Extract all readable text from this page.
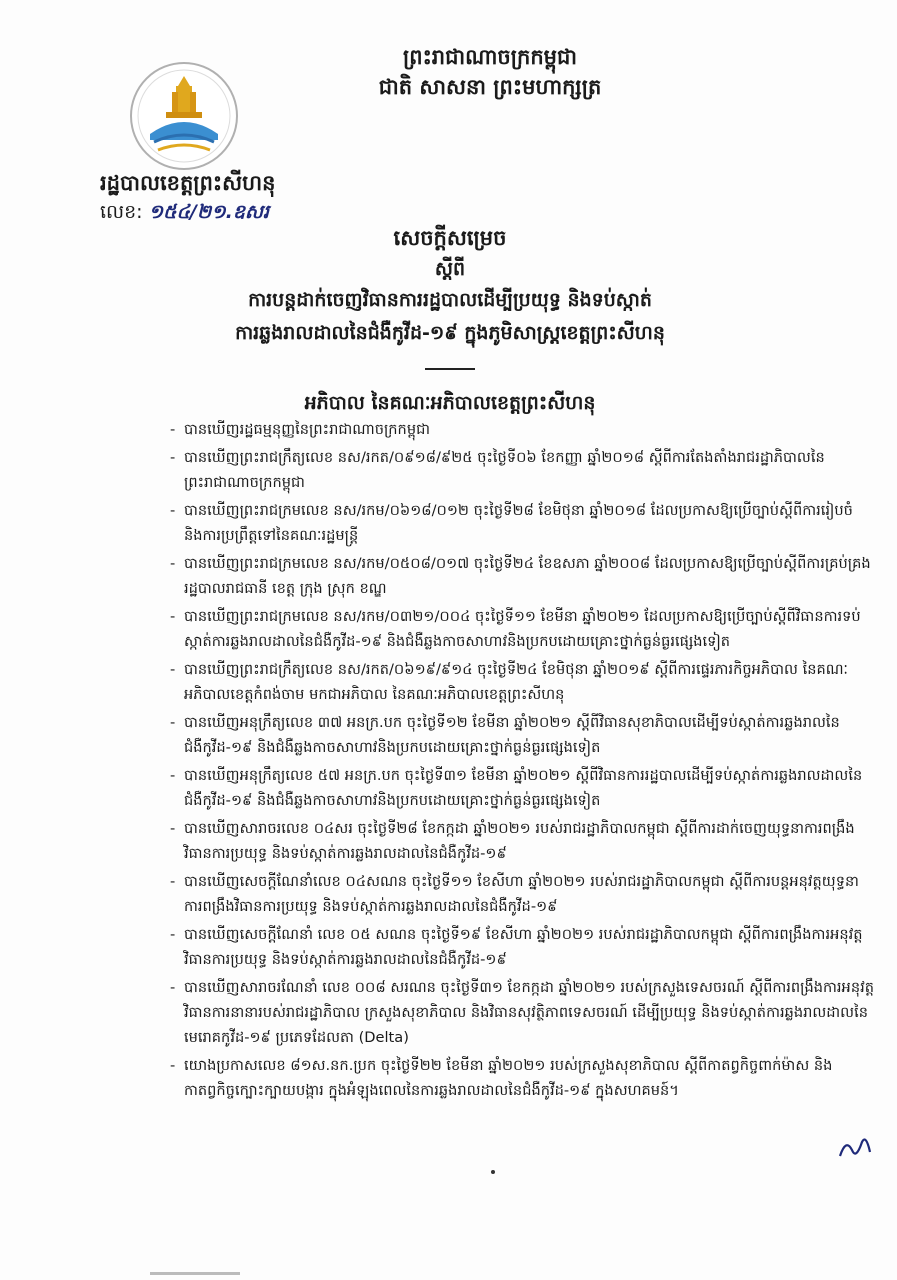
ព្រះរាជាណាចក្រកម្ពុជា
ជាតិ សាសនា ព្រះមហាក្សត្រ
រដ្ឋបាលខេត្តព្រះសីហនុ
លេខ: ១៥៤/២១.ឧសរ
សេចក្តីសម្រេច
ស្តីពី
ការបន្តដាក់ចេញវិធានការរដ្ឋបាលដើម្បីប្រយុទ្ធ និងទប់ស្កាត់
ការឆ្លងរាលដាលនៃជំងឺកូវីដ-១៩ ក្នុងភូមិសាស្ត្រខេត្តព្រះសីហនុ
អភិបាល នៃគណៈអភិបាលខេត្តព្រះសីហនុ
- បានឃើញរដ្ឋធម្មនុញ្ញនៃព្រះរាជាណាចក្រកម្ពុជា
- បានឃើញព្រះរាជក្រឹត្យលេខ នស/រកត/០៩១៨/៩២៥ ចុះថ្ងៃទី០៦ ខែកញ្ញា ឆ្នាំ២០១៨ ស្តីពីការតែងតាំងរាជរដ្ឋាភិបាលនៃព្រះរាជាណាចក្រកម្ពុជា
- បានឃើញព្រះរាជក្រមលេខ នស/រកម/០៦១៨/០១២ ចុះថ្ងៃទី២៨ ខែមិថុនា ឆ្នាំ២០១៨ ដែលប្រកាសឱ្យប្រើច្បាប់ស្តីពីការរៀបចំ និងការប្រព្រឹត្តទៅនៃគណៈរដ្ឋមន្ត្រី
- បានឃើញព្រះរាជក្រមលេខ នស/រកម/០៥០៨/០១៧ ចុះថ្ងៃទី២៤ ខែឧសភា ឆ្នាំ២០០៨ ដែលប្រកាសឱ្យប្រើច្បាប់ស្តីពីការគ្រប់គ្រងរដ្ឋបាលរាជធានី ខេត្ត ក្រុង ស្រុក ខណ្ឌ
- បានឃើញព្រះរាជក្រមលេខ នស/រកម/០៣២១/០០៤ ចុះថ្ងៃទី១១ ខែមីនា ឆ្នាំ២០២១ ដែលប្រកាសឱ្យប្រើច្បាប់ស្តីពីវិធានការទប់ស្កាត់ការឆ្លងរាលដាលនៃជំងឺកូវីដ-១៩ និងជំងឺឆ្លងកាចសាហាវនិងប្រកបដោយគ្រោះថ្នាក់ធ្ងន់ធ្ងរផ្សេងទៀត
- បានឃើញព្រះរាជក្រឹត្យលេខ នស/រកត/០៦១៩/៩១៤ ចុះថ្ងៃទី២៤ ខែមិថុនា ឆ្នាំ២០១៩ ស្តីពីការផ្ទេរភារកិច្ចអភិបាល នៃគណៈអភិបាលខេត្តកំពង់ចាម មកជាអភិបាល នៃគណៈអភិបាលខេត្តព្រះសីហនុ
- បានឃើញអនុក្រឹត្យលេខ ៣៧ អនក្រ.បក ចុះថ្ងៃទី១២ ខែមីនា ឆ្នាំ២០២១ ស្តីពីវិធានសុខាភិបាលដើម្បីទប់ស្កាត់ការឆ្លងរាលនៃជំងឺកូវីដ-១៩ និងជំងឺឆ្លងកាចសាហាវនិងប្រកបដោយគ្រោះថ្នាក់ធ្ងន់ធ្ងរផ្សេងទៀត
- បានឃើញអនុក្រឹត្យលេខ ៥៧ អនក្រ.បក ចុះថ្ងៃទី៣១ ខែមីនា ឆ្នាំ២០២១ ស្តីពីវិធានការរដ្ឋបាលដើម្បីទប់ស្កាត់ការឆ្លងរាលដាលនៃជំងឺកូវីដ-១៩ និងជំងឺឆ្លងកាចសាហាវនិងប្រកបដោយគ្រោះថ្នាក់ធ្ងន់ធ្ងរផ្សេងទៀត
- បានឃើញសារាចរលេខ ០៤សរ ចុះថ្ងៃទី២៨ ខែកក្កដា ឆ្នាំ២០២១ របស់រាជរដ្ឋាភិបាលកម្ពុជា ស្តីពីការដាក់ចេញយុទ្ធនាការពង្រឹងវិធានការប្រយុទ្ធ និងទប់ស្កាត់ការឆ្លងរាលដាលនៃជំងឺកូវីដ-១៩
- បានឃើញសេចក្តីណែនាំលេខ ០៤សណន ចុះថ្ងៃទី១១ ខែសីហា ឆ្នាំ២០២១ របស់រាជរដ្ឋាភិបាលកម្ពុជា ស្តីពីការបន្តអនុវត្តយុទ្ធនាការពង្រឹងវិធានការប្រយុទ្ធ និងទប់ស្កាត់ការឆ្លងរាលដាលនៃជំងឺកូវីដ-១៩
- បានឃើញសេចក្តីណែនាំ លេខ ០៥ សណន ចុះថ្ងៃទី១៩ ខែសីហា ឆ្នាំ២០២១ របស់រាជរដ្ឋាភិបាលកម្ពុជា ស្តីពីការពង្រឹងការអនុវត្តវិធានការប្រយុទ្ធ និងទប់ស្កាត់ការឆ្លងរាលដាលនៃជំងឺកូវីដ-១៩
- បានឃើញសារាចរណែនាំ លេខ ០០៨ សរណន ចុះថ្ងៃទី៣១ ខែកក្កដា ឆ្នាំ២០២១ របស់ក្រសួងទេសចរណ៍ ស្តីពីការពង្រឹងការអនុវត្តវិធានការនានារបស់រាជរដ្ឋាភិបាល ក្រសួងសុខាភិបាល និងវិធានសុវត្ថិភាពទេសចរណ៍ ដើម្បីប្រយុទ្ធ និងទប់ស្កាត់ការឆ្លងរាលដាលនៃមេរោគកូវីដ-១៩ ប្រភេទដែលតា (Delta)
- យោងប្រកាសលេខ ៨១ស.នក.ប្រក ចុះថ្ងៃទី២២ ខែមីនា ឆ្នាំ២០២១ របស់ក្រសួងសុខាភិបាល ស្តីពីកាតព្វកិច្ចពាក់ម៉ាស និងកាតព្វកិច្ចក្បោះក្បាយបង្ការ ក្នុងអំឡុងពេលនៃការឆ្លងរាលដាលនៃជំងឺកូវីដ-១៩ ក្នុងសហគមន៍។
